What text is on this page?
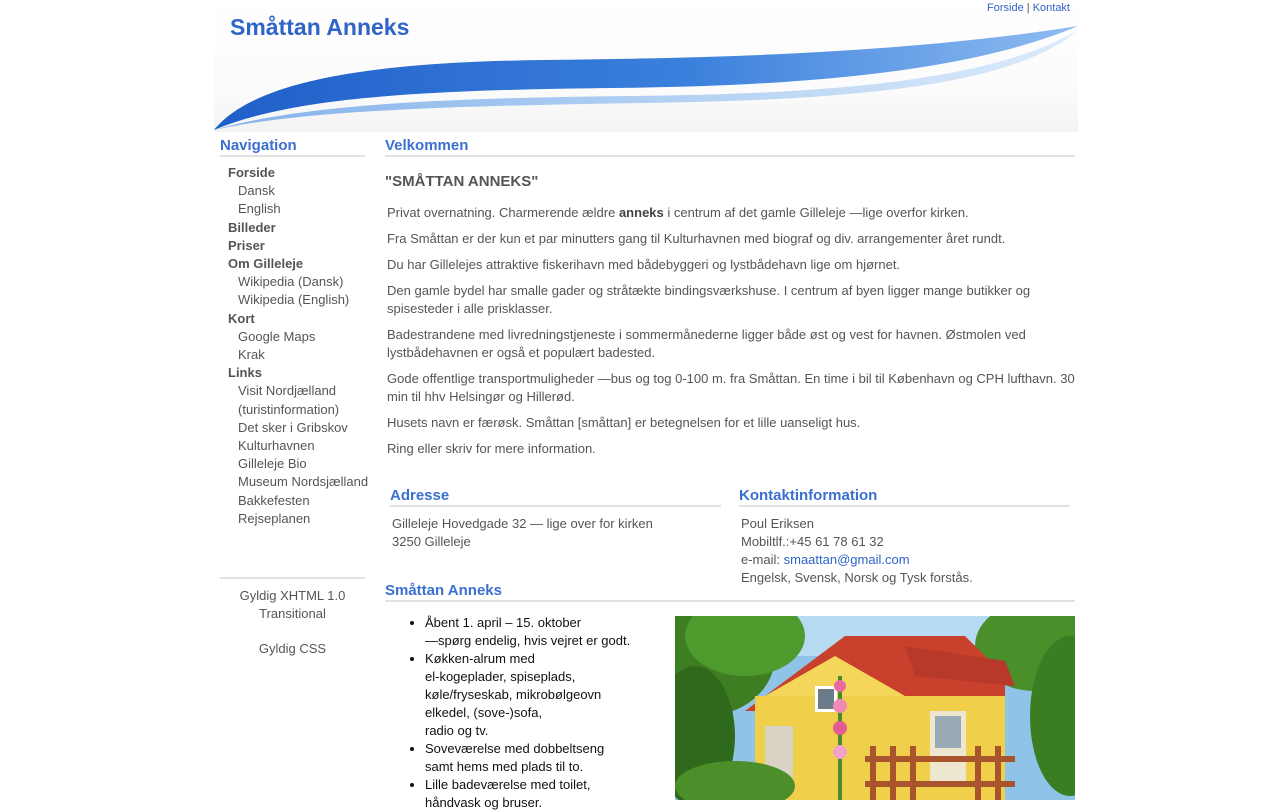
Småttan Anneks
Forside | Kontakt
Navigation
Forside
Dansk
English
Billeder
Priser
Om Gilleleje
Wikipedia (Dansk)
Wikipedia (English)
Kort
Google Maps
Krak
Links
Visit Nordjælland
(turistinformation)
Det sker i Gribskov
Kulturhavnen
Gilleleje Bio
Museum Nordsjælland
Bakkefesten
Rejseplanen

Gyldig XHTML 1.0

Transitional

Gyldig CSS

Velkommen
"SMÅTTAN ANNEKS"

Privat overnatning. Charmerende ældre anneks i centrum af det gamle Gilleleje —lige overfor kirken.

Fra Småttan er der kun et par minutters gang til Kulturhavnen med biograf og div. arrangementer året rundt.

Du har Gillelejes attraktive fiskerihavn med bådebyggeri og lystbådehavn lige om hjørnet.

Den gamle bydel har smalle gader og stråtækte bindingsværkshuse. I centrum af byen ligger mange butikker og spisesteder i alle prisklasser.

Badestrandene med livredningstjeneste i sommermånederne ligger både øst og vest for havnen. Østmolen ved lystbådehavnen er også et populært badested.

Gode offentlige transportmuligheder —bus og tog 0-100 m. fra Småttan. En time i bil til København og CPH lufthavn. 30 min til hhv Helsingør og Hillerød.

Husets navn er færøsk. Småttan [småttan] er betegnelsen for et lille uanseligt hus.

Ring eller skriv for mere information.

Adresse
Gilleleje Hovedgade 32 — lige over for kirken
3250 Gilleleje
Kontaktinformation
Poul Eriksen
Mobiltlf.:+45 61 78 61 32
e-mail: smaattan@gmail.com
Engelsk, Svensk, Norsk og Tysk forstås.
Småttan Anneks
• Åbent 1. april – 15. oktober
—spørg endelig, hvis vejret er godt.
• Køkken-alrum med
el-kogeplader, spiseplads,
køle/fryseskab, mikrobølgeovn
elkedel, (sove-)sofa,
radio og tv.
• Soveværelse med dobbeltseng
samt hems med plads til to.
• Lille badeværelse med toilet,
håndvask og bruser.
